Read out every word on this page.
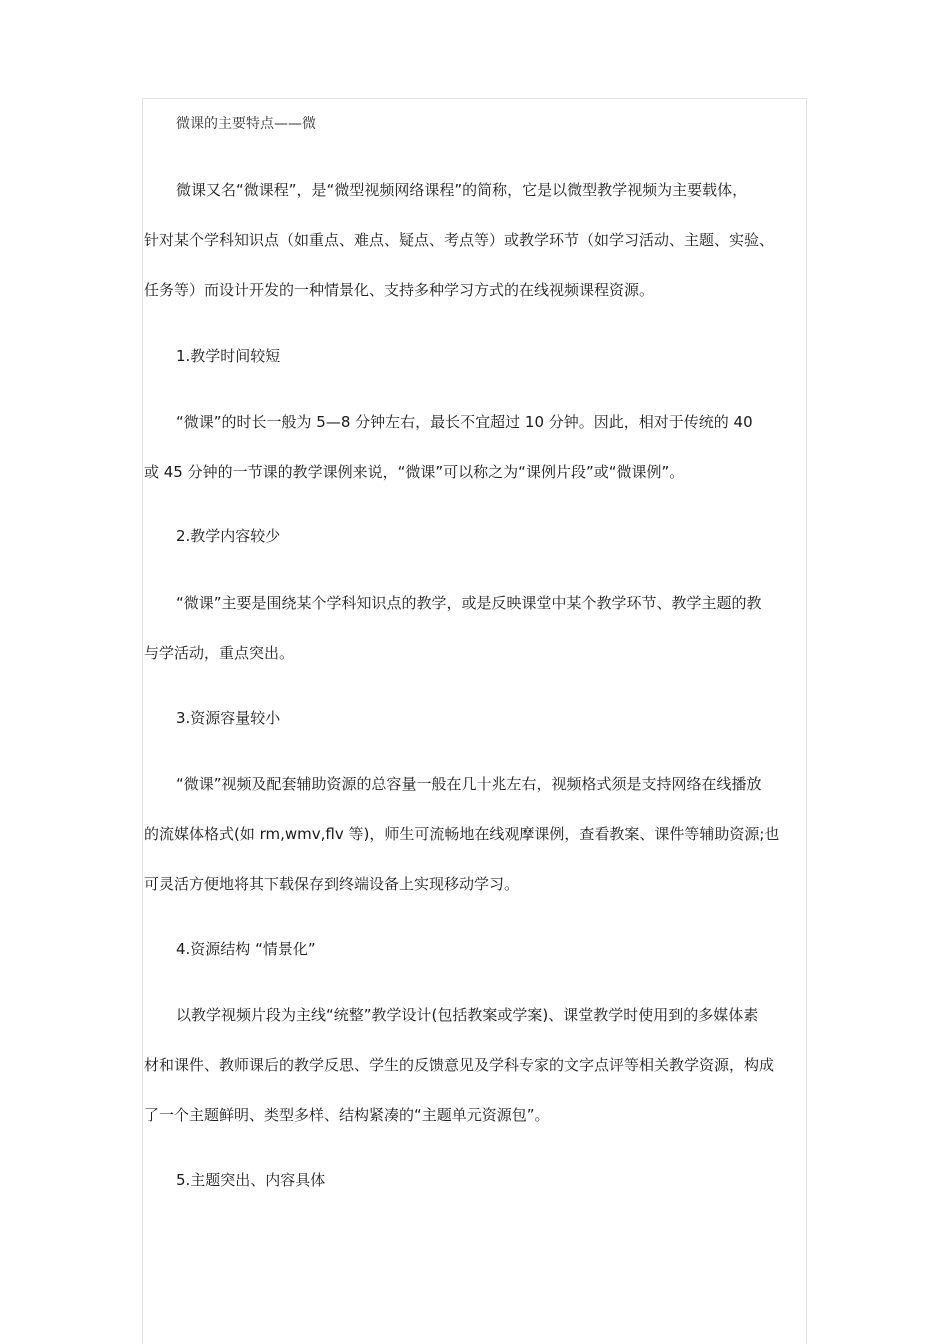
微课的主要特点——微
微课又名“微课程”，是“微型视频网络课程”的简称，它是以微型教学视频为主要载体，
针对某个学科知识点（如重点、难点、疑点、考点等）或教学环节（如学习活动、主题、实验、
任务等）而设计开发的一种情景化、支持多种学习方式的在线视频课程资源。
1.教学时间较短
“微课”的时长一般为 5—8 分钟左右，最长不宜超过 10 分钟。因此，相对于传统的 40
或 45 分钟的一节课的教学课例来说，“微课”可以称之为“课例片段”或“微课例”。
2.教学内容较少
“微课”主要是围绕某个学科知识点的教学，或是反映课堂中某个教学环节、教学主题的教
与学活动，重点突出。
3.资源容量较小
“微课”视频及配套辅助资源的总容量一般在几十兆左右，视频格式须是支持网络在线播放
的流媒体格式(如 rm,wmv,flv 等)，师生可流畅地在线观摩课例，查看教案、课件等辅助资源;也
可灵活方便地将其下载保存到终端设备上实现移动学习。
4.资源结构 “情景化”
以教学视频片段为主线“统整”教学设计(包括教案或学案)、课堂教学时使用到的多媒体素
材和课件、教师课后的教学反思、学生的反馈意见及学科专家的文字点评等相关教学资源，构成
了一个主题鲜明、类型多样、结构紧凑的“主题单元资源包”。
5.主题突出、内容具体
